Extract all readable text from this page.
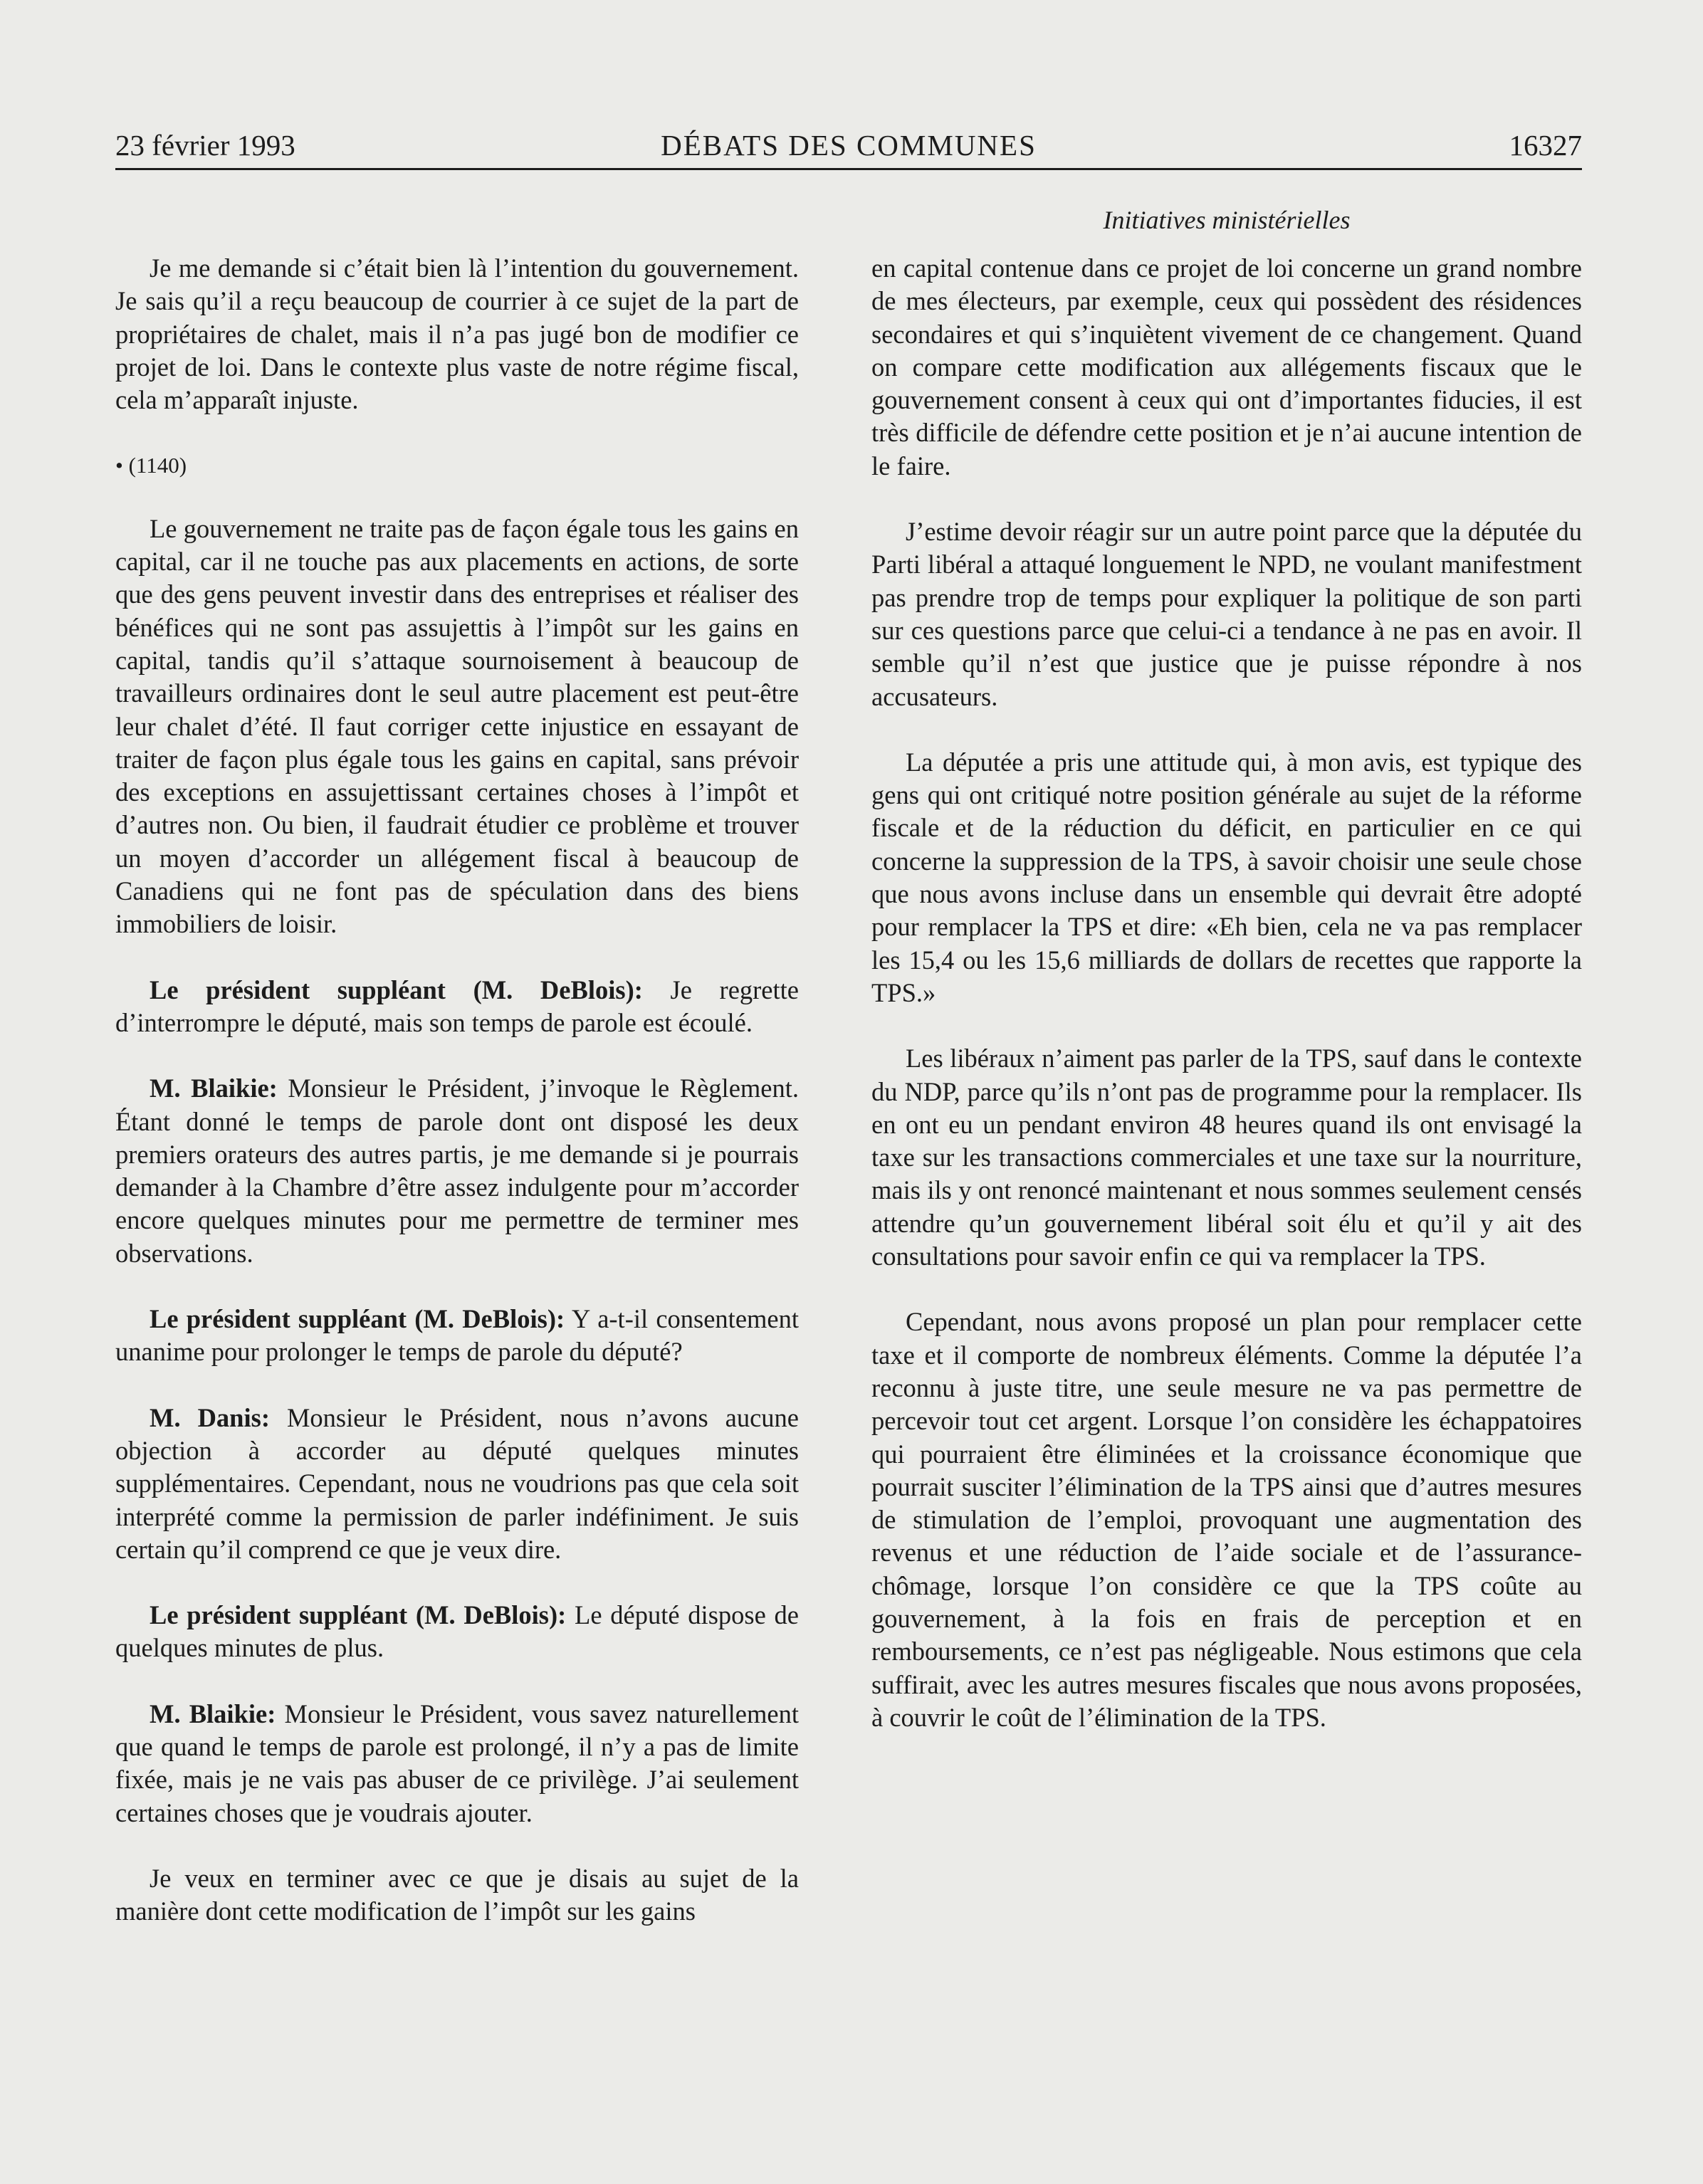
23 février 1993	DÉBATS DES COMMUNES	16327
Initiatives ministérielles

Je me demande si c’était bien là l’intention du gouvernement. Je sais qu’il a reçu beaucoup de courrier à ce sujet de la part de propriétaires de chalet, mais il n’a pas jugé bon de modifier ce projet de loi. Dans le contexte plus vaste de notre régime fiscal, cela m’apparaît injuste.

• (1140)

Le gouvernement ne traite pas de façon égale tous les gains en capital, car il ne touche pas aux placements en actions, de sorte que des gens peuvent investir dans des entreprises et réaliser des bénéfices qui ne sont pas assujettis à l’impôt sur les gains en capital, tandis qu’il s’attaque sournoisement à beaucoup de travailleurs ordinaires dont le seul autre placement est peut-être leur chalet d’été. Il faut corriger cette injustice en essayant de traiter de façon plus égale tous les gains en capital, sans prévoir des exceptions en assujettissant certaines choses à l’impôt et d’autres non. Ou bien, il faudrait étudier ce problème et trouver un moyen d’accorder un allégement fiscal à beaucoup de Canadiens qui ne font pas de spéculation dans des biens immobiliers de loisir.

Le président suppléant (M. DeBlois): Je regrette d’interrompre le député, mais son temps de parole est écoulé.

M. Blaikie: Monsieur le Président, j’invoque le Règlement. Étant donné le temps de parole dont ont disposé les deux premiers orateurs des autres partis, je me demande si je pourrais demander à la Chambre d’être assez indulgente pour m’accorder encore quelques minutes pour me permettre de terminer mes observations.

Le président suppléant (M. DeBlois): Y a-t-il consentement unanime pour prolonger le temps de parole du député?

M. Danis: Monsieur le Président, nous n’avons aucune objection à accorder au député quelques minutes supplémentaires. Cependant, nous ne voudrions pas que cela soit interprété comme la permission de parler indéfiniment. Je suis certain qu’il comprend ce que je veux dire.

Le président suppléant (M. DeBlois): Le député dispose de quelques minutes de plus.

M. Blaikie: Monsieur le Président, vous savez naturellement que quand le temps de parole est prolongé, il n’y a pas de limite fixée, mais je ne vais pas abuser de ce privilège. J’ai seulement certaines choses que je voudrais ajouter.

Je veux en terminer avec ce que je disais au sujet de la manière dont cette modification de l’impôt sur les gains

en capital contenue dans ce projet de loi concerne un grand nombre de mes électeurs, par exemple, ceux qui possèdent des résidences secondaires et qui s’inquiètent vivement de ce changement. Quand on compare cette modification aux allégements fiscaux que le gouvernement consent à ceux qui ont d’importantes fiducies, il est très difficile de défendre cette position et je n’ai aucune intention de le faire.

J’estime devoir réagir sur un autre point parce que la députée du Parti libéral a attaqué longuement le NPD, ne voulant manifestment pas prendre trop de temps pour expliquer la politique de son parti sur ces questions parce que celui-ci a tendance à ne pas en avoir. Il semble qu’il n’est que justice que je puisse répondre à nos accusateurs.

La députée a pris une attitude qui, à mon avis, est typique des gens qui ont critiqué notre position générale au sujet de la réforme fiscale et de la réduction du déficit, en particulier en ce qui concerne la suppression de la TPS, à savoir choisir une seule chose que nous avons incluse dans un ensemble qui devrait être adopté pour remplacer la TPS et dire: «Eh bien, cela ne va pas remplacer les 15,4 ou les 15,6 milliards de dollars de recettes que rapporte la TPS.»

Les libéraux n’aiment pas parler de la TPS, sauf dans le contexte du NDP, parce qu’ils n’ont pas de programme pour la remplacer. Ils en ont eu un pendant environ 48 heures quand ils ont envisagé la taxe sur les transactions commerciales et une taxe sur la nourriture, mais ils y ont renoncé maintenant et nous sommes seulement censés attendre qu’un gouvernement libéral soit élu et qu’il y ait des consultations pour savoir enfin ce qui va remplacer la TPS.

Cependant, nous avons proposé un plan pour remplacer cette taxe et il comporte de nombreux éléments. Comme la députée l’a reconnu à juste titre, une seule mesure ne va pas permettre de percevoir tout cet argent. Lorsque l’on considère les échappatoires qui pourraient être éliminées et la croissance économique que pourrait susciter l’élimination de la TPS ainsi que d’autres mesures de stimulation de l’emploi, provoquant une augmentation des revenus et une réduction de l’aide sociale et de l’assurance-chômage, lorsque l’on considère ce que la TPS coûte au gouvernement, à la fois en frais de perception et en remboursements, ce n’est pas négligeable. Nous estimons que cela suffirait, avec les autres mesures fiscales que nous avons proposées, à couvrir le coût de l’élimination de la TPS.
